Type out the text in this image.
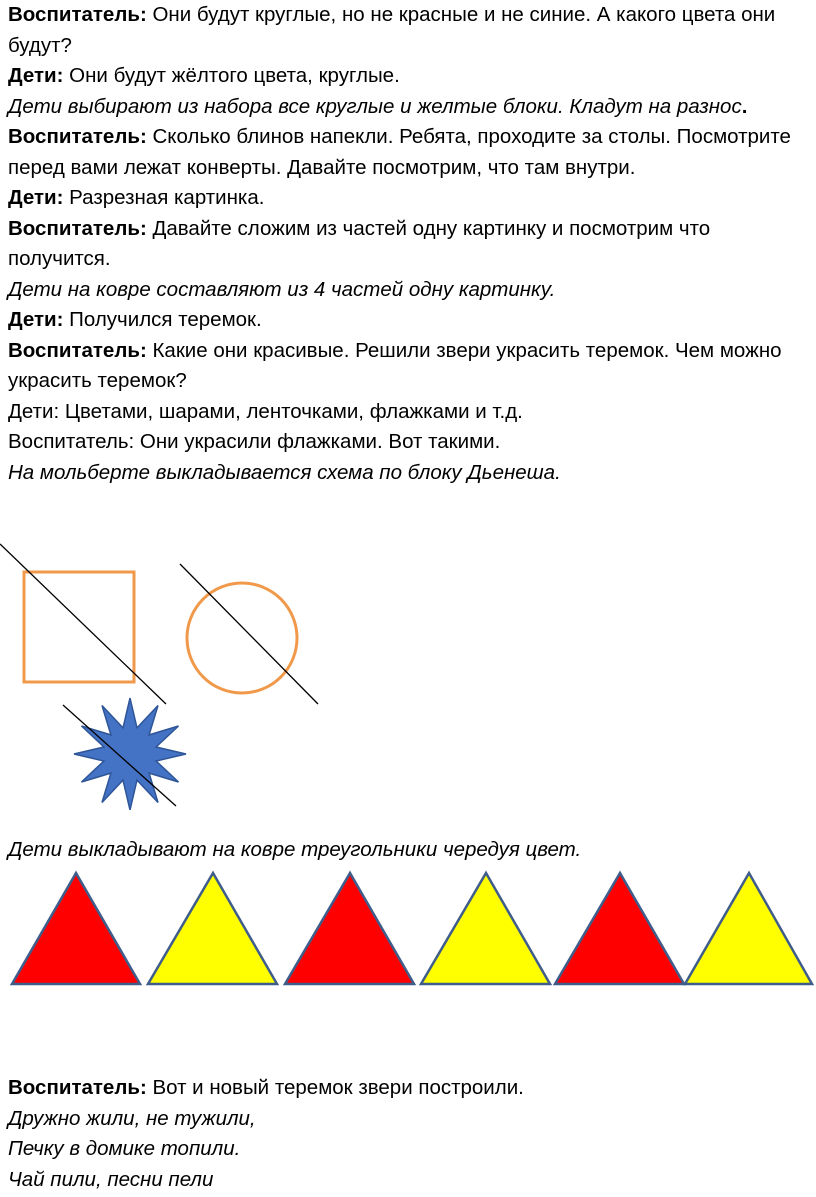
Воспитатель: Они будут круглые, но не красные и не синие. А какого цвета они будут?

Дети: Они будут жёлтого цвета, круглые.

Дети выбирают из набора все круглые и желтые блоки. Кладут на разнос.

Воспитатель: Сколько блинов напекли. Ребята, проходите за столы. Посмотрите перед вами лежат конверты. Давайте посмотрим, что там внутри.

Дети: Разрезная картинка.

Воспитатель: Давайте сложим из частей одну картинку и посмотрим что получится.

Дети на ковре составляют из 4 частей одну картинку.

Дети: Получился теремок.

Воспитатель: Какие они красивые. Решили звери украсить теремок. Чем можно украсить теремок?

Дети: Цветами, шарами, ленточками, флажками и т.д.

Воспитатель: Они украсили флажками. Вот такими.

На мольберте выкладывается схема по блоку Дьенеша.

Дети выкладывают на ковре треугольники чередуя цвет.

Воспитатель: Вот и новый теремок звери построили.

Дружно жили, не тужили,

Печку в домике топили.

Чай пили, песни пели
